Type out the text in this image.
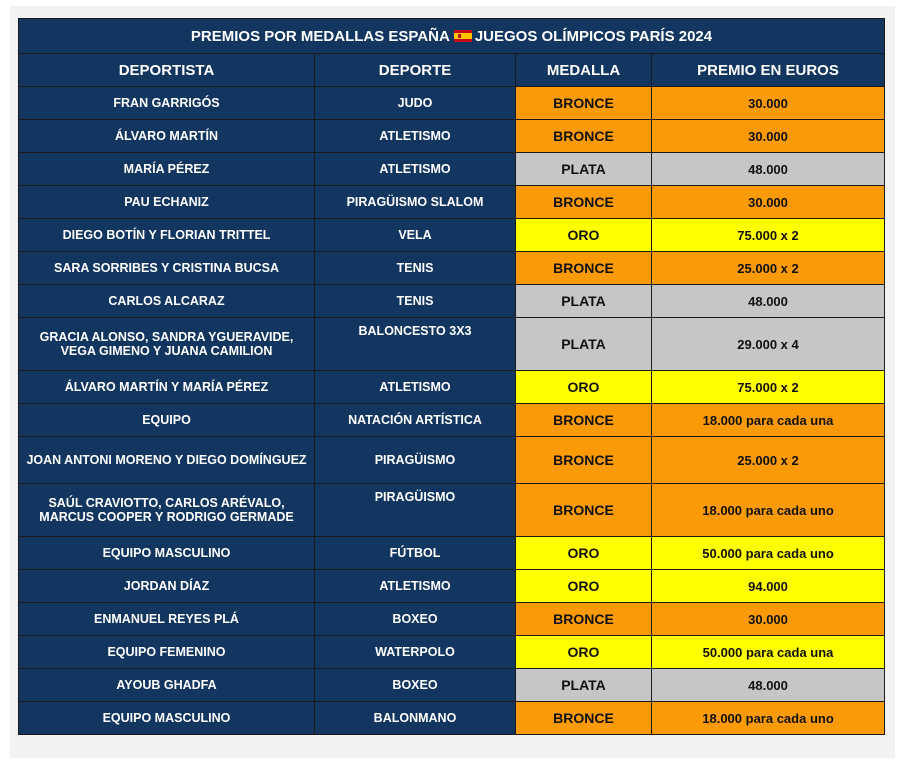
PREMIOS POR MEDALLAS ESPAÑA JUEGOS OLÍMPICOS PARÍS 2024			
DEPORTISTA	DEPORTE	MEDALLA	PREMIO EN EUROS
FRAN GARRIGÓS	JUDO	BRONCE	30.000
ÁLVARO MARTÍN	ATLETISMO	BRONCE	30.000
MARÍA PÉREZ	ATLETISMO	PLATA	48.000
PAU ECHANIZ	PIRAGÜISMO SLALOM	BRONCE	30.000
DIEGO BOTÍN Y FLORIAN TRITTEL	VELA	ORO	75.000 x 2
SARA SORRIBES Y CRISTINA BUCSA	TENIS	BRONCE	25.000 x 2
CARLOS ALCARAZ	TENIS	PLATA	48.000
GRACIA ALONSO, SANDRA YGUERAVIDE, VEGA GIMENO Y JUANA CAMILION	BALONCESTO 3X3	PLATA	29.000 x 4
ÁLVARO MARTÍN Y MARÍA PÉREZ	ATLETISMO	ORO	75.000 x 2
EQUIPO	NATACIÓN ARTÍSTICA	BRONCE	18.000 para cada una
JOAN ANTONI MORENO Y DIEGO DOMÍNGUEZ	PIRAGÜISMO	BRONCE	25.000 x 2
SAÚL CRAVIOTTO, CARLOS ARÉVALO, MARCUS COOPER Y RODRIGO GERMADE	PIRAGÜISMO	BRONCE	18.000 para cada uno
EQUIPO MASCULINO	FÚTBOL	ORO	50.000 para cada uno
JORDAN DÍAZ	ATLETISMO	ORO	94.000
ENMANUEL REYES PLÁ	BOXEO	BRONCE	30.000
EQUIPO FEMENINO	WATERPOLO	ORO	50.000 para cada una
AYOUB GHADFA	BOXEO	PLATA	48.000
EQUIPO MASCULINO	BALONMANO	BRONCE	18.000 para cada uno
